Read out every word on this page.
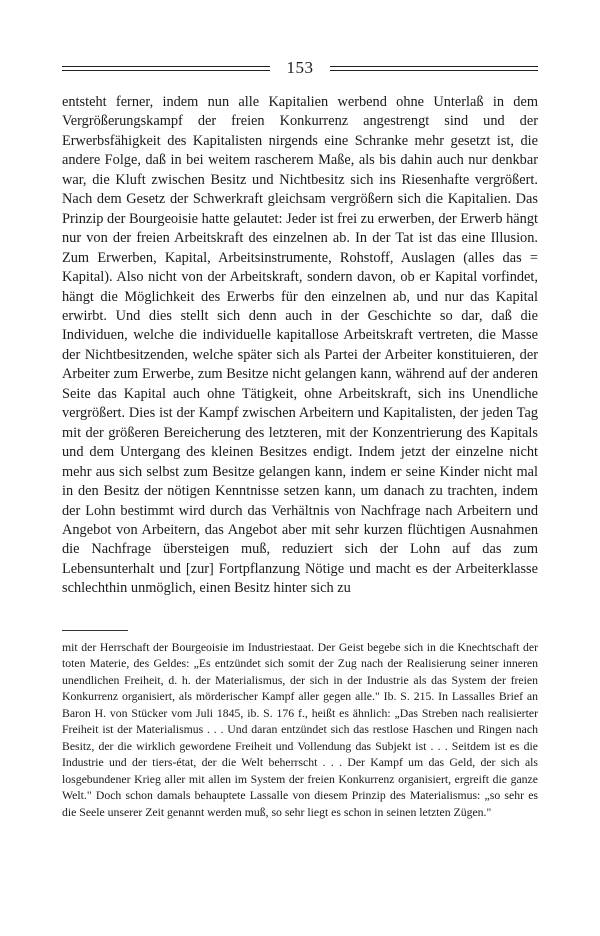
153

entsteht ferner, indem nun alle Kapitalien werbend ohne Unterlaß in dem Vergrößerungskampf der freien Konkurrenz angestrengt sind und der Erwerbsfähigkeit des Kapitalisten nirgends eine Schranke mehr gesetzt ist, die andere Folge, daß in bei weitem rascherem Maße, als bis dahin auch nur denkbar war, die Kluft zwischen Besitz und Nichtbesitz sich ins Riesenhafte vergrößert. Nach dem Gesetz der Schwerkraft gleichsam vergrößern sich die Kapitalien. Das Prinzip der Bourgeoisie hatte gelautet: Jeder ist frei zu erwerben, der Erwerb hängt nur von der freien Arbeitskraft des einzelnen ab. In der Tat ist das eine Illusion. Zum Erwerben, Kapital, Arbeitsinstrumente, Rohstoff, Auslagen (alles das = Kapital). Also nicht von der Arbeitskraft, sondern davon, ob er Kapital vorfindet, hängt die Möglichkeit des Erwerbs für den einzelnen ab, und nur das Kapital erwirbt. Und dies stellt sich denn auch in der Geschichte so dar, daß die Individuen, welche die individuelle kapitallose Arbeitskraft vertreten, die Masse der Nichtbesitzenden, welche später sich als Partei der Arbeiter konstituieren, der Arbeiter zum Erwerbe, zum Besitze nicht gelangen kann, während auf der anderen Seite das Kapital auch ohne Tätigkeit, ohne Arbeitskraft, sich ins Unendliche vergrößert. Dies ist der Kampf zwischen Arbeitern und Kapitalisten, der jeden Tag mit der größeren Bereicherung des letzteren, mit der Konzentrierung des Kapitals und dem Untergang des kleinen Besitzes endigt. Indem jetzt der einzelne nicht mehr aus sich selbst zum Besitze gelangen kann, indem er seine Kinder nicht mal in den Besitz der nötigen Kenntnisse setzen kann, um danach zu trachten, indem der Lohn bestimmt wird durch das Verhältnis von Nachfrage nach Arbeitern und Angebot von Arbeitern, das Angebot aber mit sehr kurzen flüchtigen Ausnahmen die Nachfrage übersteigen muß, reduziert sich der Lohn auf das zum Lebensunterhalt und [zur] Fortpflanzung Nötige und macht es der Arbeiterklasse schlechthin unmöglich, einen Besitz hinter sich zu

mit der Herrschaft der Bourgeoisie im Industriestaat. Der Geist begebe sich in die Knechtschaft der toten Materie, des Geldes: „Es entzündet sich somit der Zug nach der Realisierung seiner inneren unendlichen Freiheit, d. h. der Materialismus, der sich in der Industrie als das System der freien Konkurrenz organisiert, als mörderischer Kampf aller gegen alle." Ib. S. 215. In Lassalles Brief an Baron H. von Stücker vom Juli 1845, ib. S. 176 f., heißt es ähnlich: „Das Streben nach realisierter Freiheit ist der Materialismus . . . Und daran entzündet sich das restlose Haschen und Ringen nach Besitz, der die wirklich gewordene Freiheit und Vollendung das Subjekt ist . . . Seitdem ist es die Industrie und der tiers-état, der die Welt beherrscht . . . Der Kampf um das Geld, der sich als losgebundener Krieg aller mit allen im System der freien Konkurrenz organisiert, ergreift die ganze Welt." Doch schon damals behauptete Lassalle von diesem Prinzip des Materialismus: „so sehr es die Seele unserer Zeit genannt werden muß, so sehr liegt es schon in seinen letzten Zügen."
